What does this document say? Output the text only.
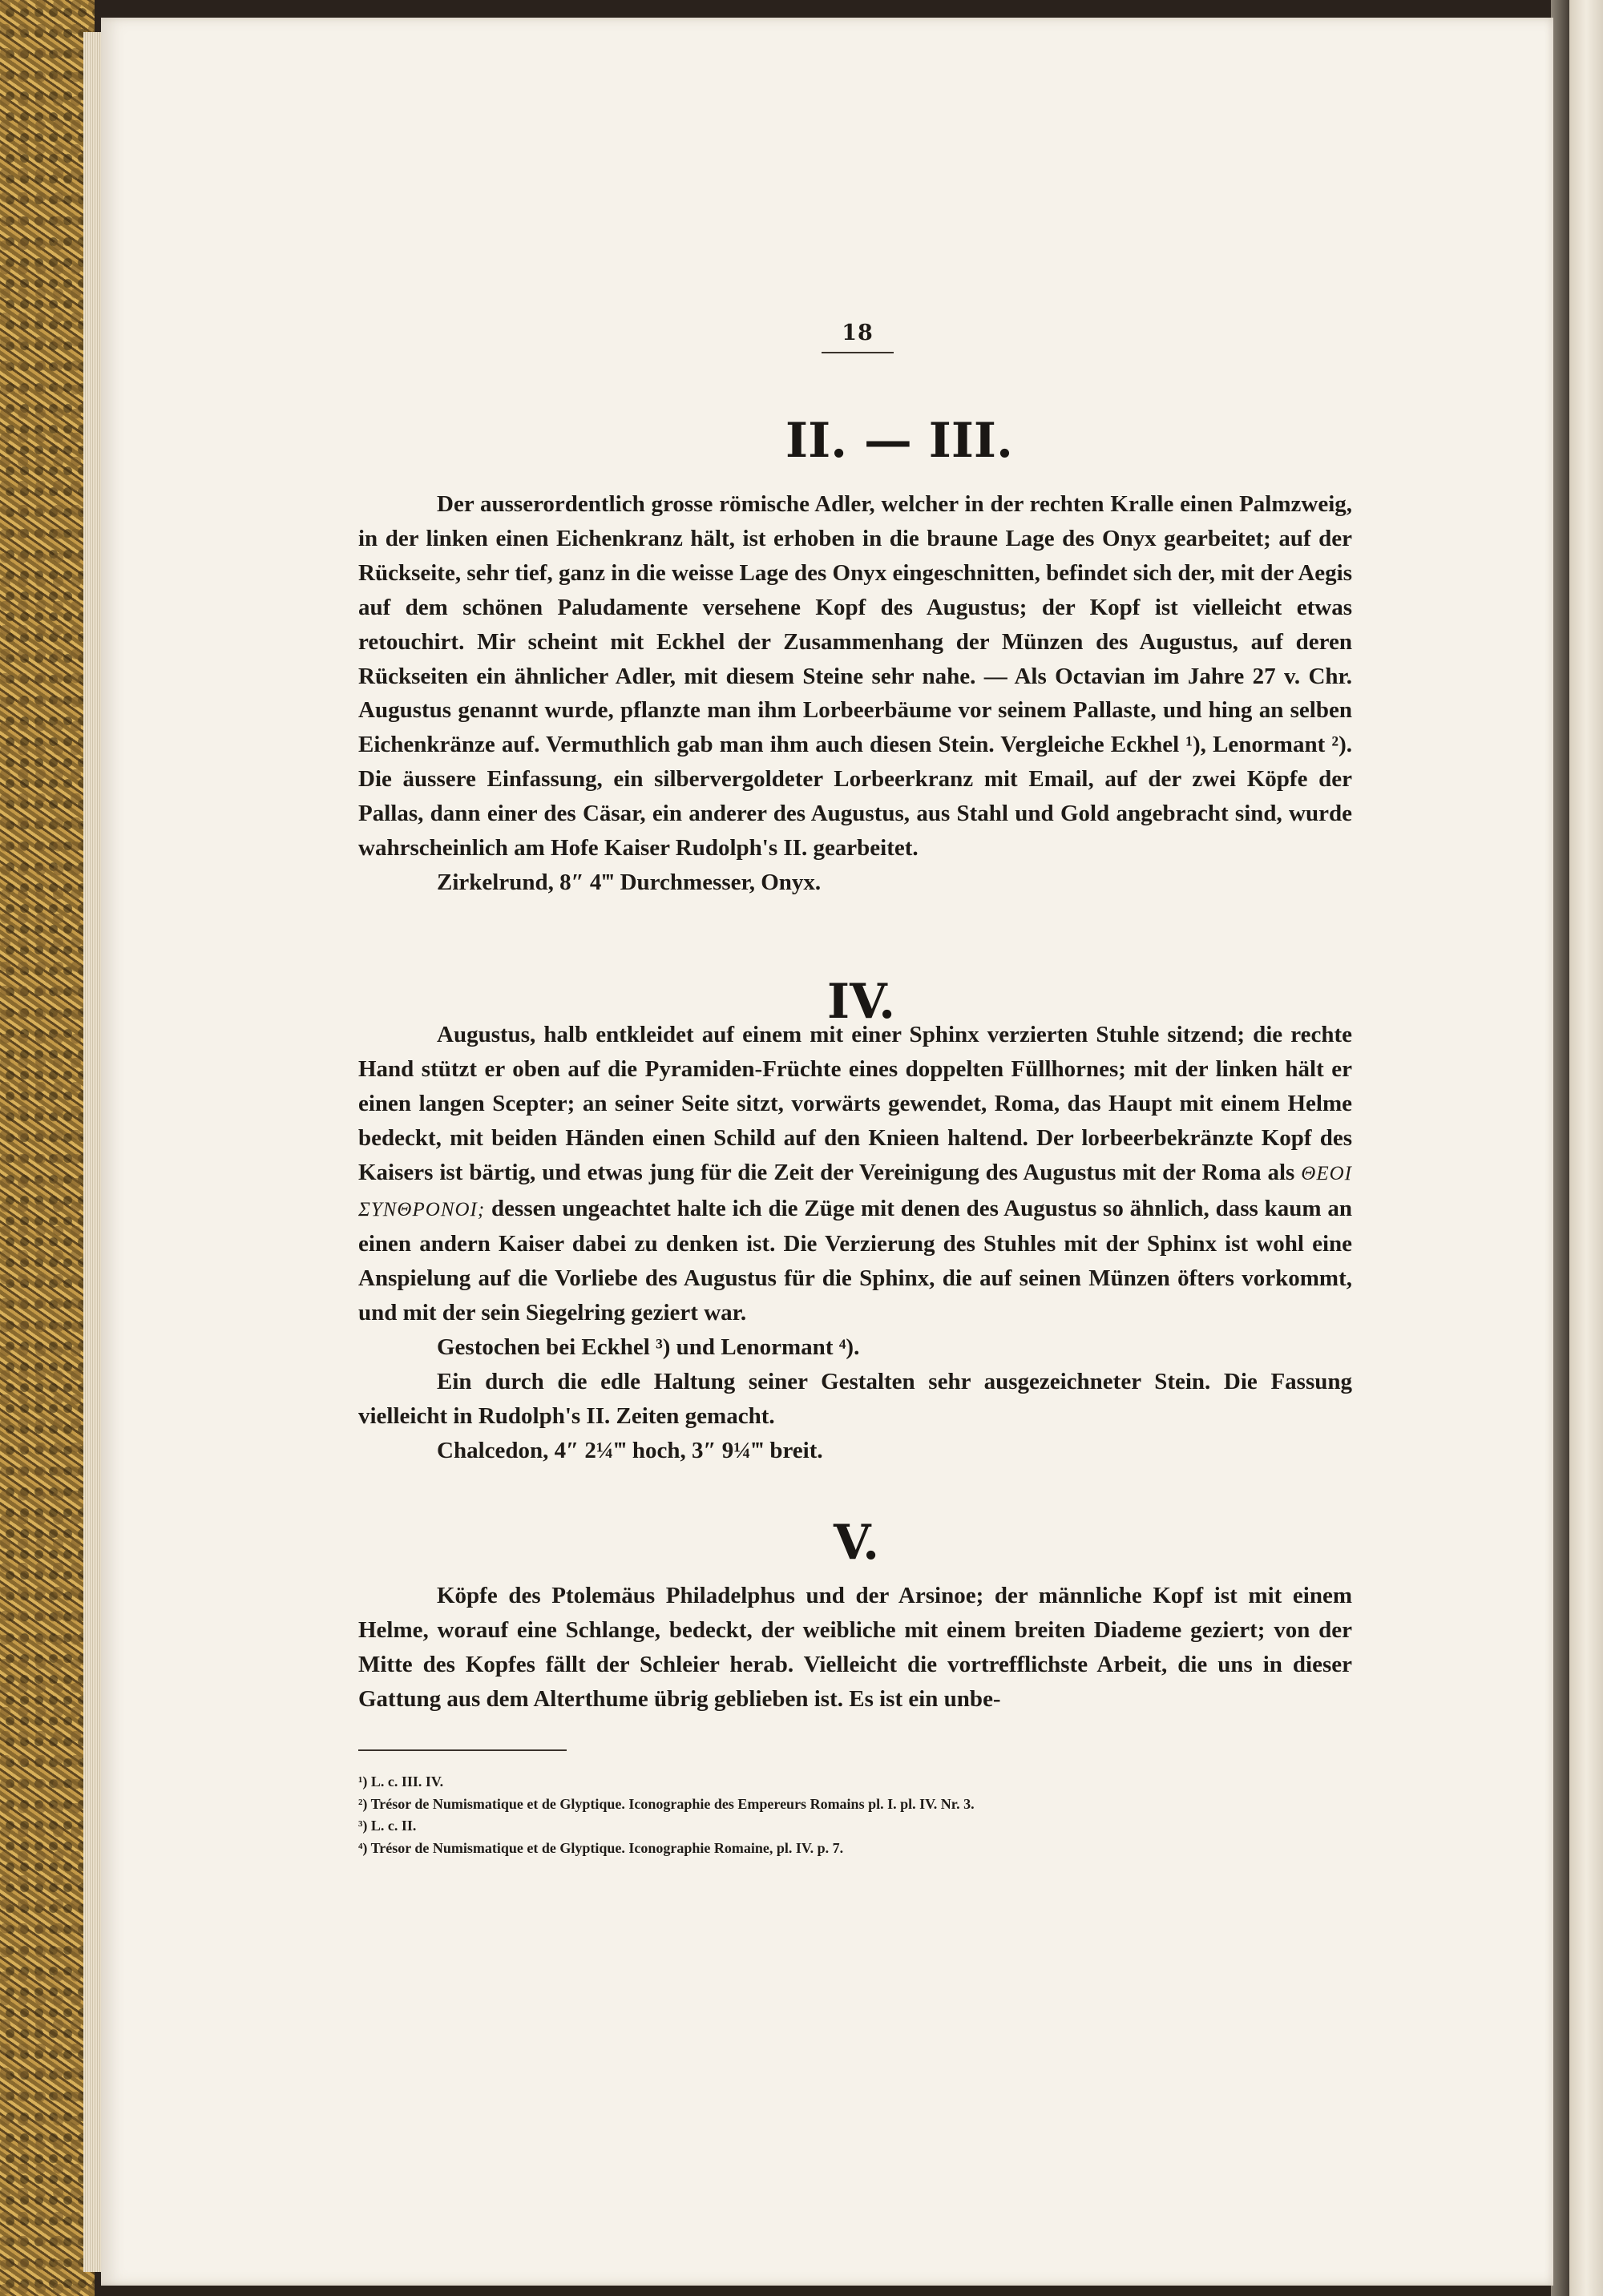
18
II. — III.

Der ausserordentlich grosse römische Adler, welcher in der rechten Kralle einen Palmzweig, in der linken einen Eichenkranz hält, ist erhoben in die braune Lage des Onyx gearbeitet; auf der Rückseite, sehr tief, ganz in die weisse Lage des Onyx eingeschnitten, befindet sich der, mit der Aegis auf dem schönen Paludamente versehene Kopf des Augustus; der Kopf ist vielleicht etwas retouchirt. Mir scheint mit Eckhel der Zusammenhang der Münzen des Augustus, auf deren Rückseiten ein ähnlicher Adler, mit diesem Steine sehr nahe. — Als Octavian im Jahre 27 v. Chr. Augustus genannt wurde, pflanzte man ihm Lorbeerbäume vor seinem Pallaste, und hing an selben Eichenkränze auf. Vermuthlich gab man ihm auch diesen Stein. Vergleiche Eckhel ¹), Lenormant ²). Die äussere Einfassung, ein silbervergoldeter Lorbeerkranz mit Email, auf der zwei Köpfe der Pallas, dann einer des Cäsar, ein anderer des Augustus, aus Stahl und Gold angebracht sind, wurde wahrscheinlich am Hofe Kaiser Rudolph's II. gearbeitet.

Zirkelrund, 8″ 4‴ Durchmesser, Onyx.

IV.

Augustus, halb entkleidet auf einem mit einer Sphinx verzierten Stuhle sitzend; die rechte Hand stützt er oben auf die Pyramiden-Früchte eines doppelten Füllhornes; mit der linken hält er einen langen Scepter; an seiner Seite sitzt, vorwärts gewendet, Roma, das Haupt mit einem Helme bedeckt, mit beiden Händen einen Schild auf den Knieen haltend. Der lorbeerbekränzte Kopf des Kaisers ist bärtig, und etwas jung für die Zeit der Vereinigung des Augustus mit der Roma als ΘΕΟΙ ΣΥΝΘΡΟΝΟΙ; dessen ungeachtet halte ich die Züge mit denen des Augustus so ähnlich, dass kaum an einen andern Kaiser dabei zu denken ist. Die Verzierung des Stuhles mit der Sphinx ist wohl eine Anspielung auf die Vorliebe des Augustus für die Sphinx, die auf seinen Münzen öfters vorkommt, und mit der sein Siegelring geziert war.

Gestochen bei Eckhel ³) und Lenormant ⁴).

Ein durch die edle Haltung seiner Gestalten sehr ausgezeichneter Stein. Die Fassung vielleicht in Rudolph's II. Zeiten gemacht.

Chalcedon, 4″ 2¼‴ hoch, 3″ 9¼‴ breit.

V.

Köpfe des Ptolemäus Philadelphus und der Arsinoe; der männliche Kopf ist mit einem Helme, worauf eine Schlange, bedeckt, der weibliche mit einem breiten Diademe geziert; von der Mitte des Kopfes fällt der Schleier herab. Vielleicht die vortrefflichste Arbeit, die uns in dieser Gattung aus dem Alterthume übrig geblieben ist. Es ist ein unbe-

¹) L. c. III. IV.
²) Trésor de Numismatique et de Glyptique. Iconographie des Empereurs Romains pl. I. pl. IV. Nr. 3.
³) L. c. II.
⁴) Trésor de Numismatique et de Glyptique. Iconographie Romaine, pl. IV. p. 7.
